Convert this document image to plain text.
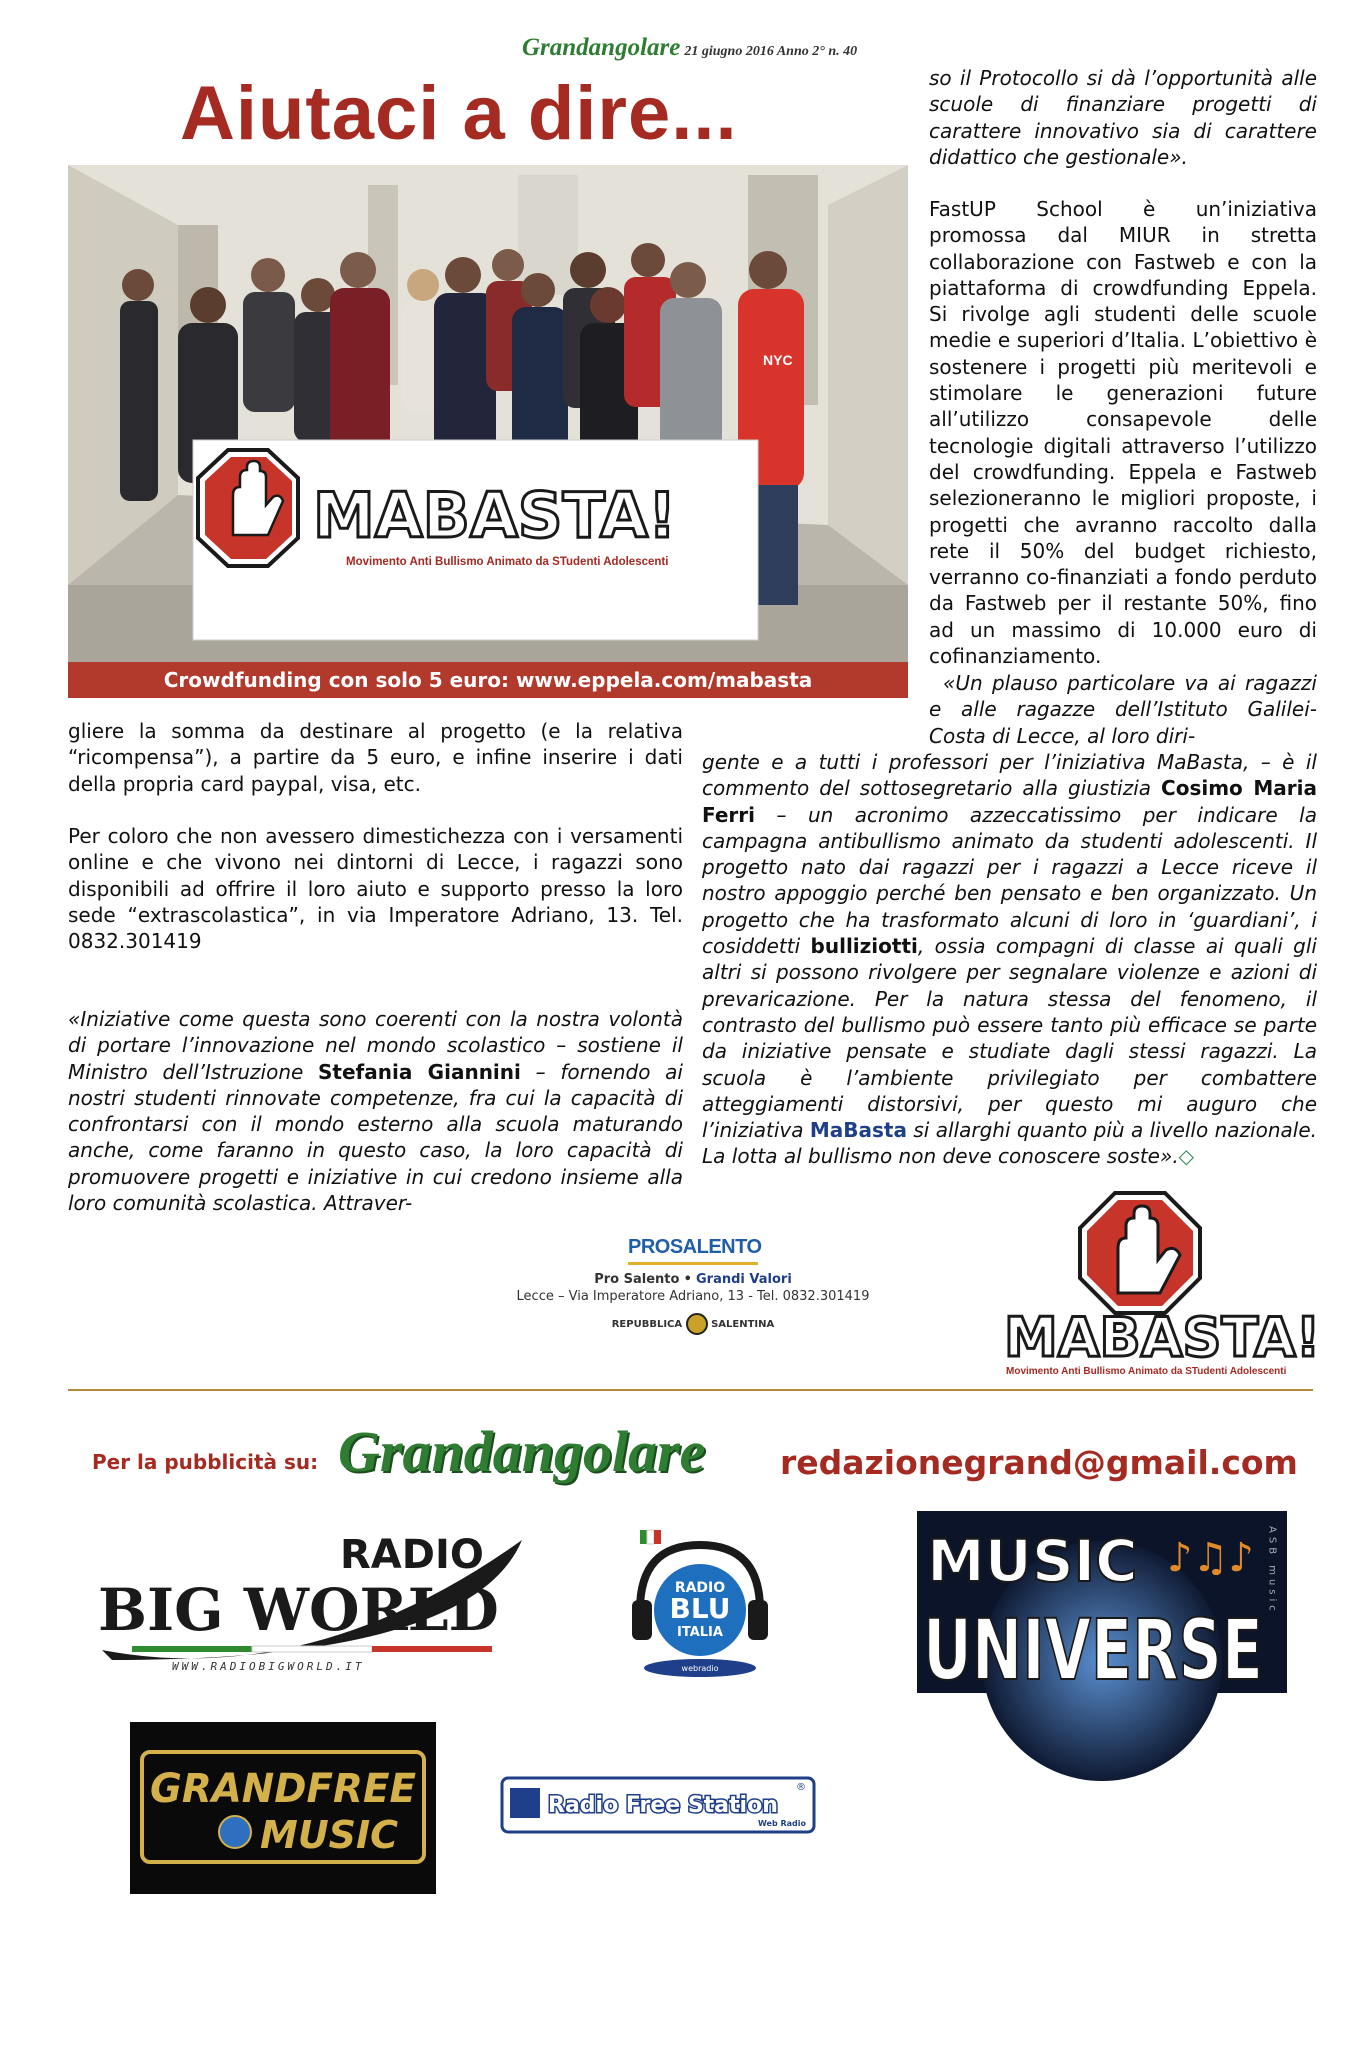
Grandangolare 21 giugno 2016 Anno 2° n. 40
Aiutaci a dire...
NYC
MABASTA!
Movimento Anti Bullismo Animato da STudenti Adolescenti
Crowdfunding con solo 5 euro: www.eppela.com/mabasta

so il Protocollo si dà l’opportunità alle scuole di finanziare progetti di carattere innovativo sia di carattere didattico che gestionale».

FastUP School è un’iniziativa promossa dal MIUR in stretta collaborazione con Fastweb e con la piattaforma di crowdfunding Eppela. Si rivolge agli studenti delle scuole medie e superiori d’Italia. L’obiettivo è sostenere i progetti più meritevoli e stimolare le generazioni future all’utilizzo consapevole delle tecnologie digitali attraverso l’utilizzo del crowdfunding. Eppela e Fastweb selezioneranno le migliori proposte, i progetti che avranno raccolto dalla rete il 50% del budget richiesto, verranno co-finanziati a fondo perduto da Fastweb per il restante 50%, fino ad un massimo di 10.000 euro di cofinanziamento.

«Un plauso particolare va ai ragazzi e alle ragazze dell’Istituto Galilei-Costa di Lecce, al loro diri-

gente e a tutti i professori per l’iniziativa MaBasta, – è il commento del sottosegretario alla giustizia Cosimo Maria Ferri – un acronimo azzeccatissimo per indicare la campagna antibullismo animato da studenti adolescenti. Il progetto nato dai ragazzi per i ragazzi a Lecce riceve il nostro appoggio perché ben pensato e ben organizzato. Un progetto che ha trasformato alcuni di loro in ‘guardiani’, i cosiddetti bulliziotti, ossia compagni di classe ai quali gli altri si possono rivolgere per segnalare violenze e azioni di prevaricazione. Per la natura stessa del fenomeno, il contrasto del bullismo può essere tanto più efficace se parte da iniziative pensate e studiate dagli stessi ragazzi. La scuola è l’ambiente privilegiato per combattere atteggiamenti distorsivi, per questo mi auguro che l’iniziativa MaBasta si allarghi quanto più a livello nazionale. La lotta al bullismo non deve conoscere soste».◇

gliere la somma da destinare al progetto (e la relativa “ricompensa”), a partire da 5 euro, e infine inserire i dati della propria card paypal, visa, etc.

Per coloro che non avessero dimestichezza con i versamenti online e che vivono nei dintorni di Lecce, i ragazzi sono disponibili ad offrire il loro aiuto e supporto presso la loro sede “extrascolastica”, in via Imperatore Adriano, 13. Tel. 0832.301419

«Iniziative come questa sono coerenti con la nostra volontà di portare l’innovazione nel mondo scolastico – sostiene il Ministro dell’Istruzione Stefania Giannini – fornendo ai nostri studenti rinnovate competenze, fra cui la capacità di confrontarsi con il mondo esterno alla scuola maturando anche, come faranno in questo caso, la loro capacità di promuovere progetti e iniziative in cui credono insieme alla loro comunità scolastica. Attraver-

PROSALENTO
Pro Salento • Grandi Valori
Lecce – Via Imperatore Adriano, 13 - Tel. 0832.301419
REPUBBLICA	SALENTINA	MABASTA!
Movimento Anti Bullismo Animato da STudenti Adolescenti
Per la pubblicità su: Grandangolare redazionegrand@gmail.com
RADIO
BIG WORLD
WWW.RADIOBIGWORLD.IT
RADIO
BLU
ITALIA
webradio
MUSIC
UNIVERSE
♪♫♪ ASB music
GRANDFREE
MUSIC
Radio Free Station
Web Radio
®
